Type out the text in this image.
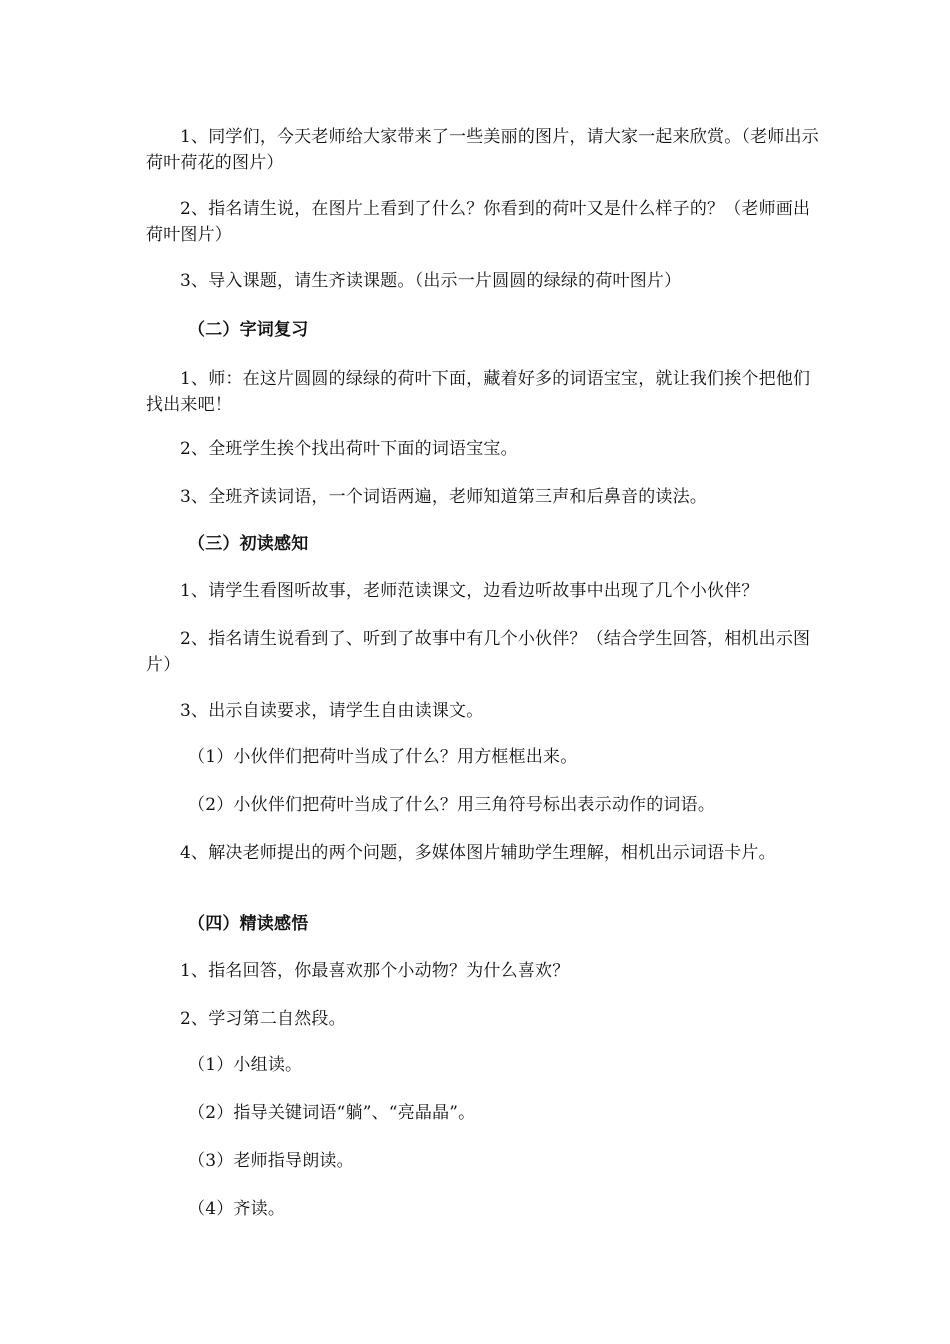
1、同学们，今天老师给大家带来了一些美丽的图片，请大家一起来欣赏。（老师出示荷叶荷花的图片）

2、指名请生说，在图片上看到了什么？你看到的荷叶又是什么样子的？（老师画出荷叶图片）

3、导入课题，请生齐读课题。（出示一片圆圆的绿绿的荷叶图片）

（二）字词复习

1、师：在这片圆圆的绿绿的荷叶下面，藏着好多的词语宝宝，就让我们挨个把他们找出来吧！

2、全班学生挨个找出荷叶下面的词语宝宝。

3、全班齐读词语，一个词语两遍，老师知道第三声和后鼻音的读法。

（三）初读感知

1、请学生看图听故事，老师范读课文，边看边听故事中出现了几个小伙伴？

2、指名请生说看到了、听到了故事中有几个小伙伴？（结合学生回答，相机出示图片）

3、出示自读要求，请学生自由读课文。

（1）小伙伴们把荷叶当成了什么？用方框框出来。

（2）小伙伴们把荷叶当成了什么？用三角符号标出表示动作的词语。

4、解决老师提出的两个问题，多媒体图片辅助学生理解，相机出示词语卡片。

（四）精读感悟

1、指名回答，你最喜欢那个小动物？为什么喜欢？

2、学习第二自然段。

（1）小组读。

（2）指导关键词语“躺”、“亮晶晶”。

（3）老师指导朗读。

（4）齐读。
